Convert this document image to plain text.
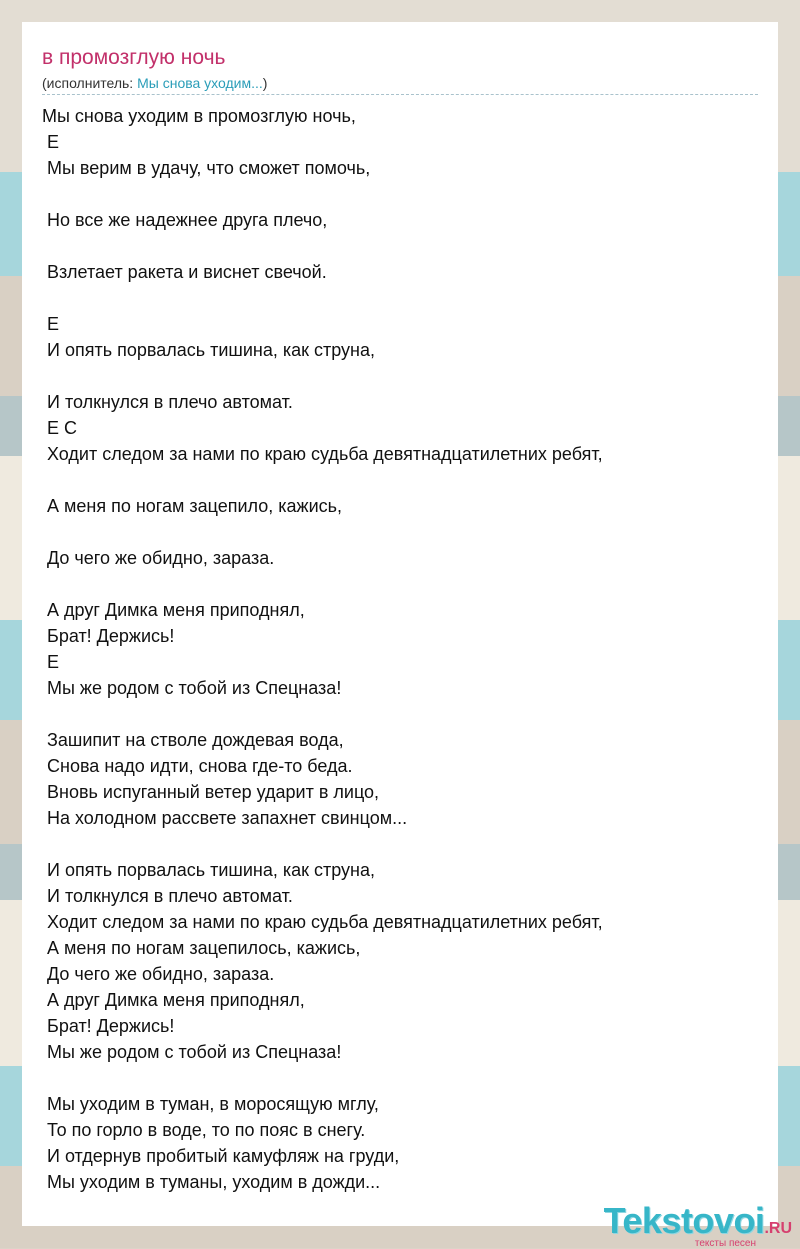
в промозглую ночь
(исполнитель: Мы снова уходим...)
Мы снова уходим в промозглую ночь,
E
Мы верим в удачу, что сможет помочь,
Но все же надежнее друга плечо,
Взлетает ракета и виснет свечой.
E
И опять порвалась тишина, как струна,
И толкнулся в плечо автомат.
E C
Ходит следом за нами по краю судьба девятнадцатилетних ребят,
А меня по ногам зацепило, кажись,
До чего же обидно, зараза.
А друг Димка меня приподнял,
Брат! Держись!
E
Мы же родом с тобой из Спецназа!
Зашипит на стволе дождевая вода,
Снова надо идти, снова где-то беда.
Вновь испуганный ветер ударит в лицо,
На холодном рассвете запахнет свинцом...
И опять порвалась тишина, как струна,
И толкнулся в плечо автомат.
Ходит следом за нами по краю судьба девятнадцатилетних ребят,
А меня по ногам зацепилось, кажись,
До чего же обидно, зараза.
А друг Димка меня приподнял,
Брат! Держись!
Мы же родом с тобой из Спецназа!
Мы уходим в туман, в моросящую мглу,
То по горло в воде, то по пояс в снегу.
И отдернув пробитый камуфляж на груди,
Мы уходим в туманы, уходим в дожди...
Tekstovoi.RU
тексты песен
